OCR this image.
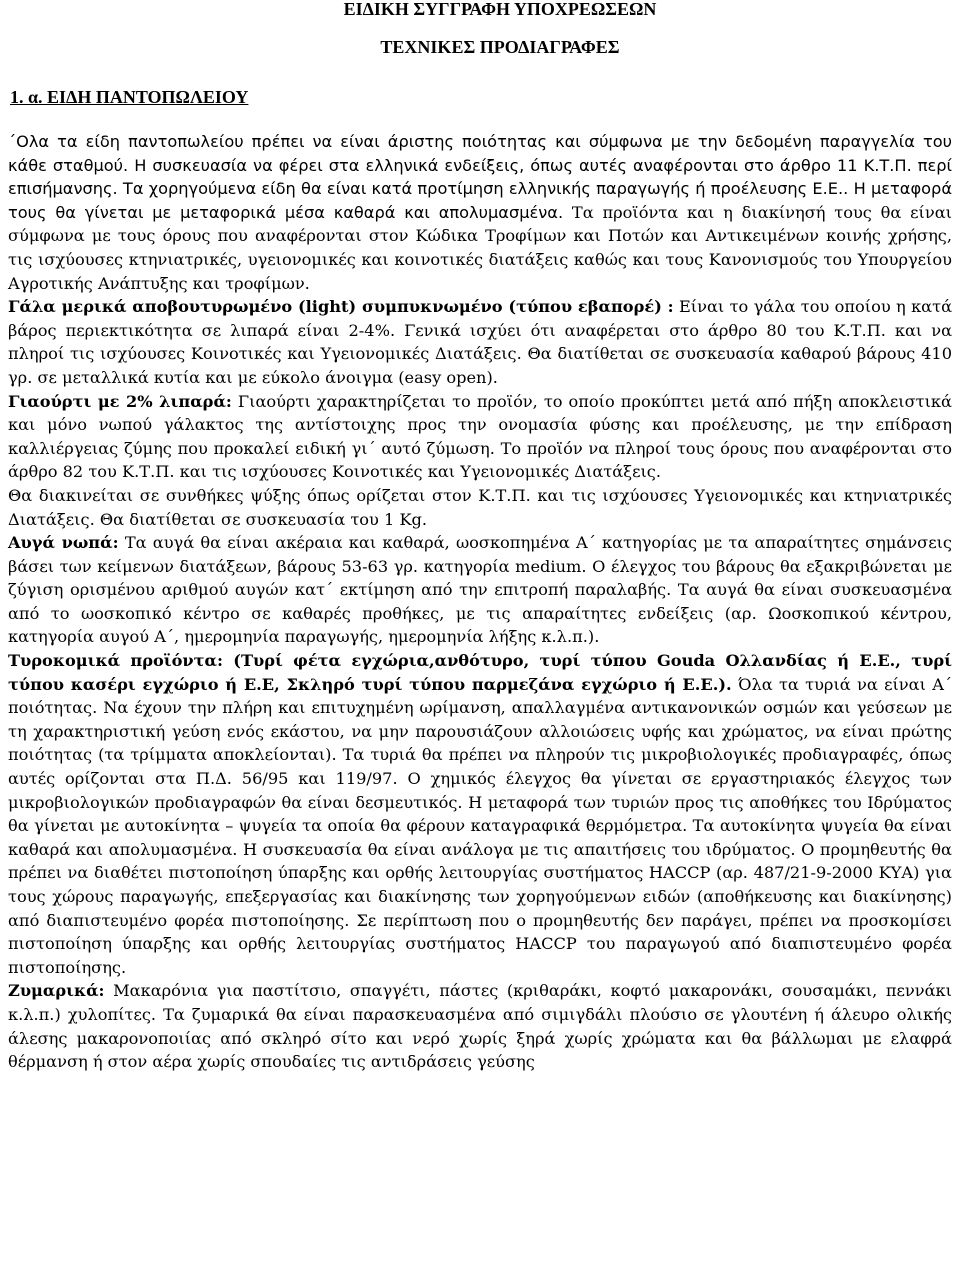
ΕΙΔΙΚΗ ΣΥΓΓΡΑΦΗ ΥΠΟΧΡΕΩΣΕΩΝ
ΤΕΧΝΙΚΕΣ ΠΡΟΔΙΑΓΡΑΦΕΣ
1. α. ΕΙΔΗ ΠΑΝΤΟΠΩΛΕΙΟΥ

΄Ολα τα είδη παντοπωλείου πρέπει να είναι άριστης ποιότητας και σύμφωνα με την δεδομένη παραγγελία του κάθε σταθμού. Η συσκευασία να φέρει στα ελληνικά ενδείξεις, όπως αυτές αναφέρονται στο άρθρο 11 Κ.Τ.Π. περί επισήμανσης. Τα χορηγούμενα είδη θα είναι κατά προτίμηση ελληνικής παραγωγής ή προέλευσης Ε.Ε.. Η μεταφορά τους θα γίνεται με μεταφορικά μέσα καθαρά και απολυμασμένα. Τα προϊόντα και η διακίνησή τους θα είναι σύμφωνα με τους όρους που αναφέρονται στον Κώδικα Τροφίμων και Ποτών και Αντικειμένων κοινής χρήσης, τις ισχύουσες κτηνιατρικές, υγειονομικές και κοινοτικές διατάξεις καθώς και τους Κανονισμούς του Υπουργείου Αγροτικής Ανάπτυξης και τροφίμων.

Γάλα μερικά αποβουτυρωμένο (light) συμπυκνωμένο (τύπου εβαπορέ) : Είναι το γάλα του οποίου η κατά βάρος περιεκτικότητα σε λιπαρά είναι 2-4%. Γενικά ισχύει ότι αναφέρεται στο άρθρο 80 του Κ.Τ.Π. και να πληροί τις ισχύουσες Κοινοτικές και Υγειονομικές Διατάξεις. Θα διατίθεται σε συσκευασία καθαρού βάρους 410 γρ. σε μεταλλικά κυτία και με εύκολο άνοιγμα (easy open).

Γιαούρτι με 2% λιπαρά: Γιαούρτι χαρακτηρίζεται το προϊόν, το οποίο προκύπτει μετά από πήξη αποκλειστικά και μόνο νωπού γάλακτος της αντίστοιχης προς την ονομασία φύσης και προέλευσης, με την επίδραση καλλιέργειας ζύμης που προκαλεί ειδική γι΄ αυτό ζύμωση. Το προϊόν να πληροί τους όρους που αναφέρονται στο άρθρο 82 του Κ.Τ.Π. και τις ισχύουσες Κοινοτικές και Υγειονομικές Διατάξεις.

Θα διακινείται σε συνθήκες ψύξης όπως ορίζεται στον Κ.Τ.Π. και τις ισχύουσες Υγειονομικές και κτηνιατρικές Διατάξεις. Θα διατίθεται σε συσκευασία του 1 Kg.

Αυγά νωπά: Τα αυγά θα είναι ακέραια και καθαρά, ωοσκοπημένα Α΄ κατηγορίας με τα απαραίτητες σημάνσεις βάσει των κείμενων διατάξεων, βάρους 53-63 γρ. κατηγορία medium. Ο έλεγχος του βάρους θα εξακριβώνεται με ζύγιση ορισμένου αριθμού αυγών κατ΄ εκτίμηση από την επιτροπή παραλαβής. Τα αυγά θα είναι συσκευασμένα από το ωοσκοπικό κέντρο σε καθαρές προθήκες, με τις απαραίτητες ενδείξεις (αρ. Ωοσκοπικού κέντρου, κατηγορία αυγού Α΄, ημερομηνία παραγωγής, ημερομηνία λήξης κ.λ.π.).

Τυροκομικά προϊόντα: (Τυρί φέτα εγχώρια,ανθότυρο, τυρί τύπου Gouda Ολλανδίας ή Ε.Ε., τυρί τύπου κασέρι εγχώριο ή Ε.Ε, Σκληρό τυρί τύπου παρμεζάνα εγχώριο ή Ε.Ε.). Όλα τα τυριά να είναι Α΄ ποιότητας. Να έχουν την πλήρη και επιτυχημένη ωρίμανση, απαλλαγμένα αντικανονικών οσμών και γεύσεων με τη χαρακτηριστική γεύση ενός εκάστου, να μην παρουσιάζουν αλλοιώσεις υφής και χρώματος, να είναι πρώτης ποιότητας (τα τρίμματα αποκλείονται). Τα τυριά θα πρέπει να πληρούν τις μικροβιολογικές προδιαγραφές, όπως αυτές ορίζονται στα Π.Δ. 56/95 και 119/97. Ο χημικός έλεγχος θα γίνεται σε εργαστηριακός έλεγχος των μικροβιολογικών προδιαγραφών θα είναι δεσμευτικός. Η μεταφορά των τυριών προς τις αποθήκες του Ιδρύματος θα γίνεται με αυτοκίνητα – ψυγεία τα οποία θα φέρουν καταγραφικά θερμόμετρα. Τα αυτοκίνητα ψυγεία θα είναι καθαρά και απολυμασμένα. Η συσκευασία θα είναι ανάλογα με τις απαιτήσεις του ιδρύματος. Ο προμηθευτής θα πρέπει να διαθέτει πιστοποίηση ύπαρξης και ορθής λειτουργίας συστήματος HACCP (αρ. 487/21-9-2000 ΚΥΑ) για τους χώρους παραγωγής, επεξεργασίας και διακίνησης των χορηγούμενων ειδών (αποθήκευσης και διακίνησης) από διαπιστευμένο φορέα πιστοποίησης. Σε περίπτωση που ο προμηθευτής δεν παράγει, πρέπει να προσκομίσει πιστοποίηση ύπαρξης και ορθής λειτουργίας συστήματος HACCP του παραγωγού από διαπιστευμένο φορέα πιστοποίησης.

Ζυμαρικά: Μακαρόνια για παστίτσιο, σπαγγέτι, πάστες (κριθαράκι, κοφτό μακαρονάκι, σουσαμάκι, πεννάκι κ.λ.π.) χυλοπίτες. Τα ζυμαρικά θα είναι παρασκευασμένα από σιμιγδάλι πλούσιο σε γλουτένη ή άλευρο ολικής άλεσης μακαρονοποιίας από σκληρό σίτο και νερό χωρίς ξηρά χωρίς χρώματα και θα βάλλωμαι με ελαφρά θέρμανση ή στον αέρα χωρίς σπουδαίες τις αντιδράσεις γεύσης
